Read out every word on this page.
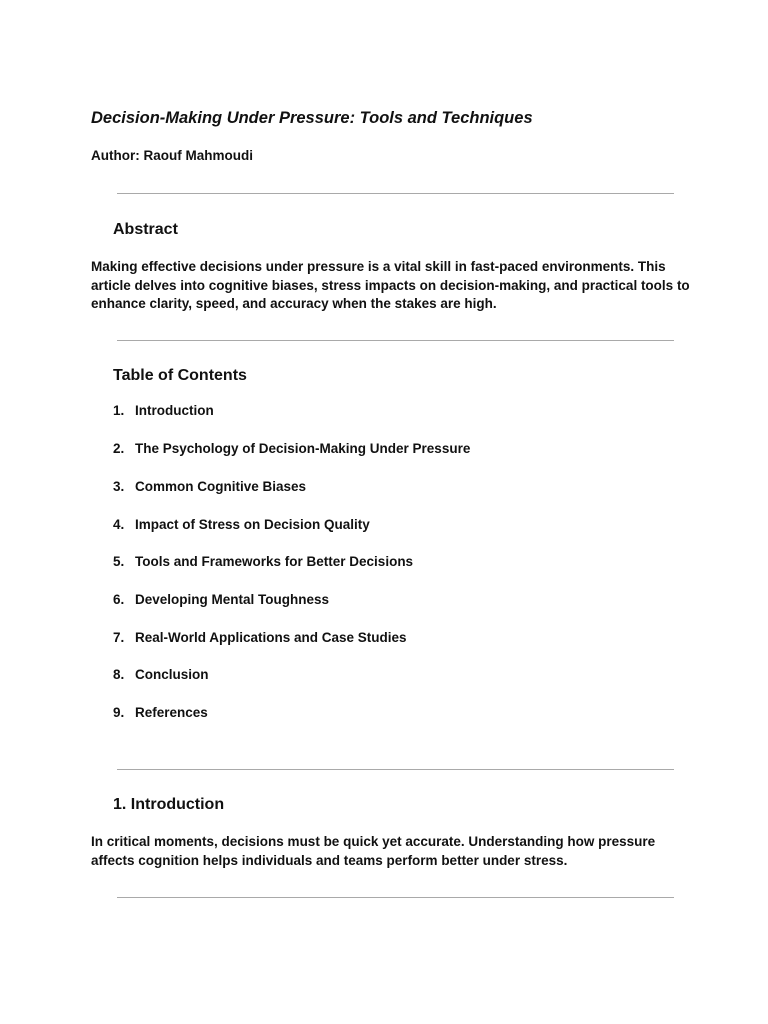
Decision-Making Under Pressure: Tools and Techniques
Author: Raouf Mahmoudi
Abstract

Making effective decisions under pressure is a vital skill in fast-paced environments. This article delves into cognitive biases, stress impacts on decision-making, and practical tools to enhance clarity, speed, and accuracy when the stakes are high.

Table of Contents
1. Introduction
2. The Psychology of Decision-Making Under Pressure
3. Common Cognitive Biases
4. Impact of Stress on Decision Quality
5. Tools and Frameworks for Better Decisions
6. Developing Mental Toughness
7. Real-World Applications and Case Studies
8. Conclusion
9. References
1. Introduction

In critical moments, decisions must be quick yet accurate. Understanding how pressure affects cognition helps individuals and teams perform better under stress.
